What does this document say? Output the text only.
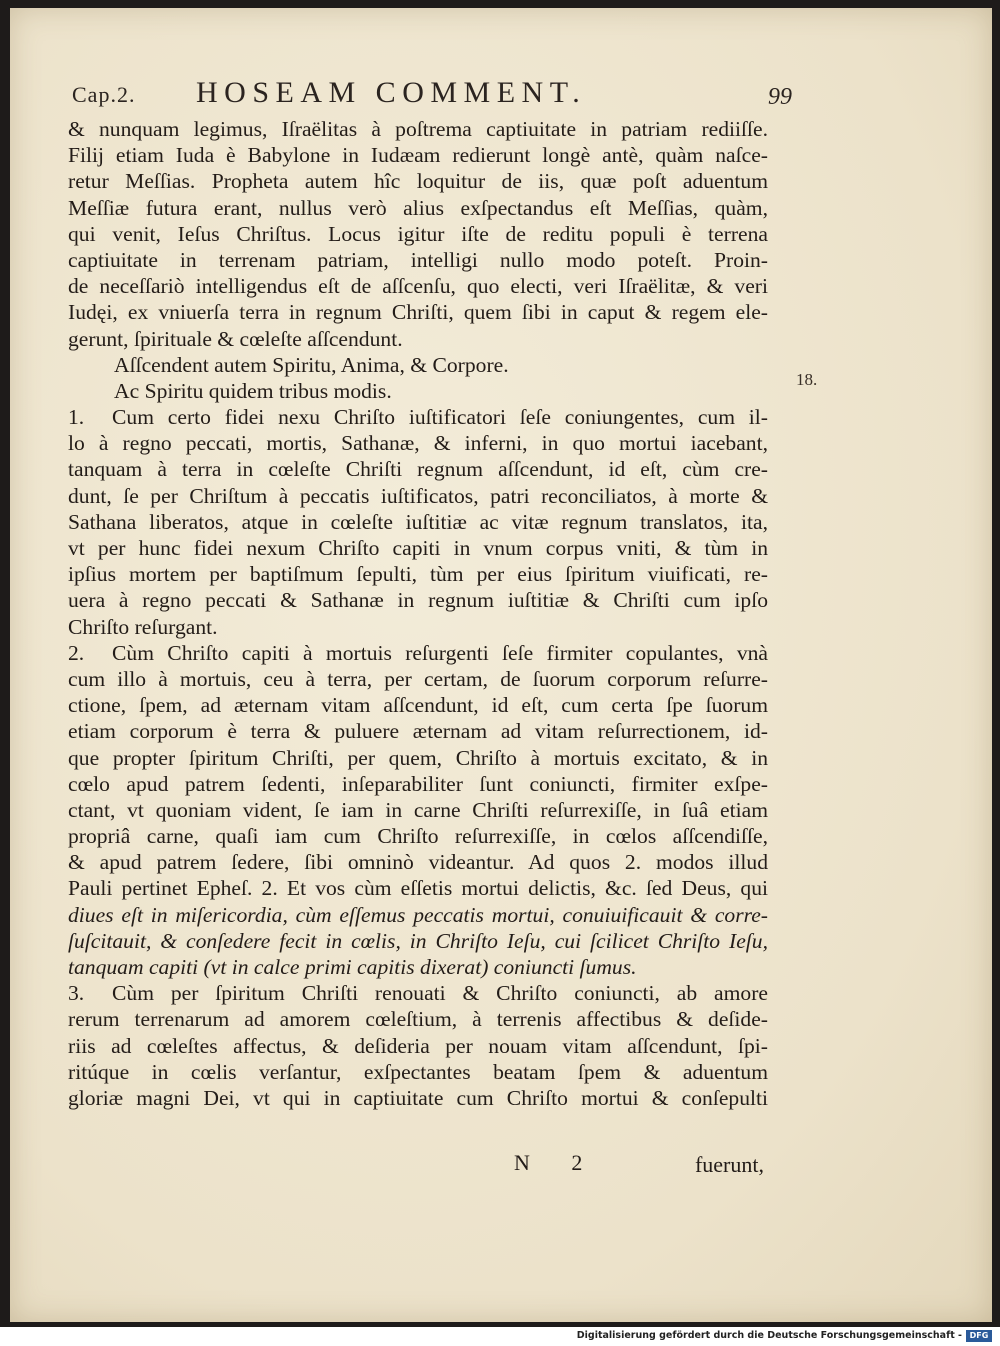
Cap.2. HOSEAM COMMENT.	99
18.
& nunquam legimus, Iſraëlitas à poſtrema captiuitate in patriam rediiſſe.
Filij etiam Iuda è Babylone in Iudæam redierunt longè antè, quàm naſce-
retur Meſſias. Propheta autem hîc loquitur de iis, quæ poſt aduentum
Meſſiæ futura erant, nullus verò alius exſpectandus eſt Meſſias, quàm,
qui venit, Ieſus Chriſtus. Locus igitur iſte de reditu populi è terrena
captiuitate in terrenam patriam, intelligi nullo modo poteſt. Proin-
de neceſſariò intelligendus eſt de aſſcenſu, quo electi, veri Iſraëlitæ, & veri
Iudęi, ex vniuerſa terra in regnum Chriſti, quem ſibi in caput & regem ele-
gerunt, ſpirituale & cœleſte aſſcendunt.
Aſſcendent autem Spiritu, Anima, & Corpore.
Ac Spiritu quidem tribus modis.
1. Cum certo fidei nexu Chriſto iuſtificatori ſeſe coniungentes, cum il-
lo à regno peccati, mortis, Sathanæ, & inferni, in quo mortui iacebant,
tanquam à terra in cœleſte Chriſti regnum aſſcendunt, id eſt, cùm cre-
dunt, ſe per Chriſtum à peccatis iuſtificatos, patri reconciliatos, à morte &
Sathana liberatos, atque in cœleſte iuſtitiæ ac vitæ regnum translatos, ita,
vt per hunc fidei nexum Chriſto capiti in vnum corpus vniti, & tùm in
ipſius mortem per baptiſmum ſepulti, tùm per eius ſpiritum viuificati, re-
uera à regno peccati & Sathanæ in regnum iuſtitiæ & Chriſti cum ipſo
Chriſto reſurgant.
2. Cùm Chriſto capiti à mortuis reſurgenti ſeſe firmiter copulantes, vnà
cum illo à mortuis, ceu à terra, per certam, de ſuorum corporum reſurre-
ctione, ſpem, ad æternam vitam aſſcendunt, id eſt, cum certa ſpe ſuorum
etiam corporum è terra & puluere æternam ad vitam reſurrectionem, id-
que propter ſpiritum Chriſti, per quem, Chriſto à mortuis excitato, & in
cœlo apud patrem ſedenti, inſeparabiliter ſunt coniuncti, firmiter exſpe-
ctant, vt quoniam vident, ſe iam in carne Chriſti reſurrexiſſe, in ſuâ etiam
propriâ carne, quaſi iam cum Chriſto reſurrexiſſe, in cœlos aſſcendiſſe,
& apud patrem ſedere, ſibi omninò videantur. Ad quos 2. modos illud
Pauli pertinet Epheſ. 2. Et vos cùm eſſetis mortui delictis, &c. ſed Deus, qui
diues eſt in miſericordia, cùm eſſemus peccatis mortui, conuiuificauit & corre-
ſuſcitauit, & conſedere fecit in cœlis, in Chriſto Ieſu, cui ſcilicet Chriſto Ieſu,
tanquam capiti (vt in calce primi capitis dixerat) coniuncti ſumus.
3. Cùm per ſpiritum Chriſti renouati & Chriſto coniuncti, ab amore
rerum terrenarum ad amorem cœleſtium, à terrenis affectibus & deſide-
riis ad cœleſtes affectus, & deſideria per nouam vitam aſſcendunt, ſpi-
ritúque in cœlis verſantur, exſpectantes beatam ſpem & aduentum
gloriæ magni Dei, vt qui in captiuitate cum Chriſto mortui & conſepulti
N 2	fuerunt,
Digitalisierung gefördert durch die Deutsche Forschungsgemeinschaft - DFG
